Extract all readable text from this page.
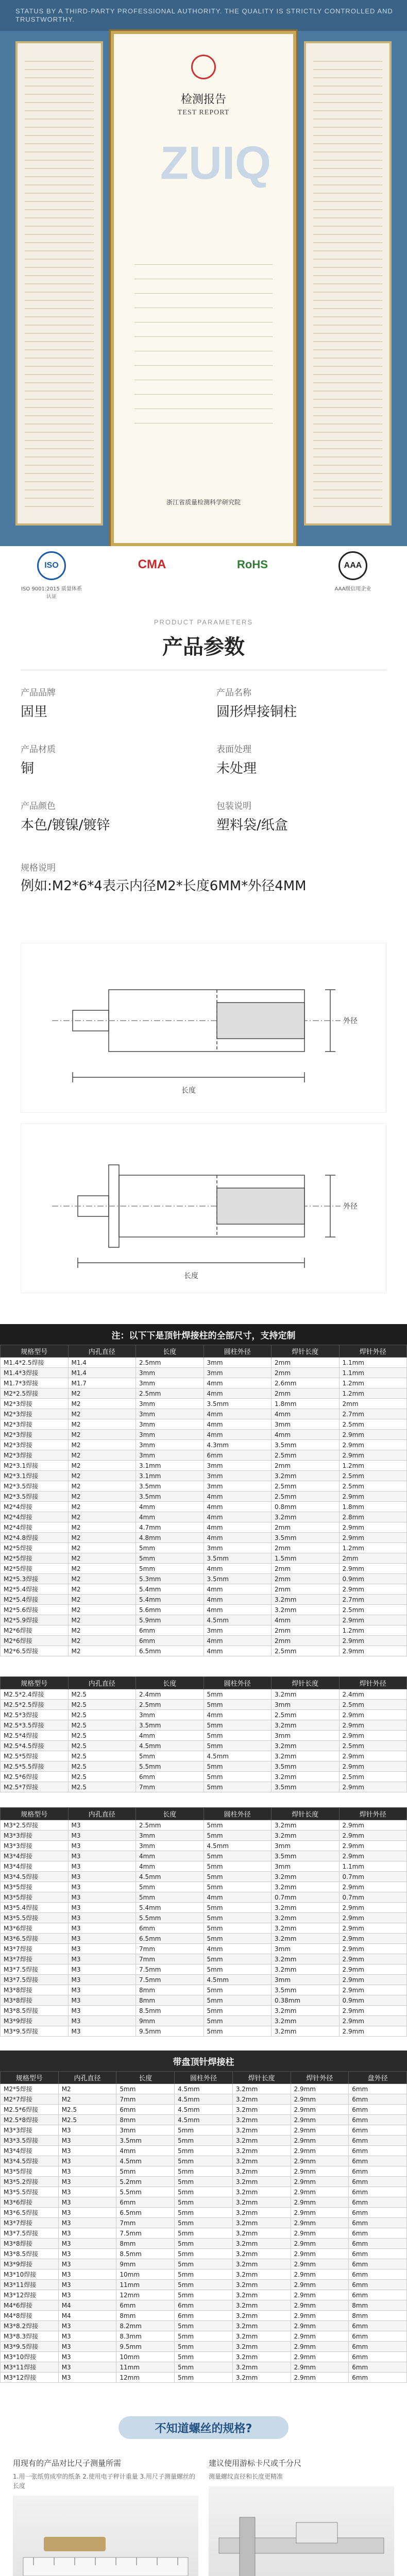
STATUS BY A THIRD-PARTY PROFESSIONAL AUTHORITY. THE QUALITY IS STRICTLY CONTROLLED AND TRUSTWORTHY.
检测报告
TEST REPORT
ZUIQ
浙江省质量检测科学研究院
ISO
ISO 9001:2015 质量体系认证
CMA	RoHS	AAA
AAA级信用企业
PRODUCT PARAMETERS
产品参数
产品品牌
固里
产品名称
圆形焊接铜柱
产品材质
铜
表面处理
未处理
产品颜色
本色/镀镍/镀锌
包装说明
塑料袋/纸盒
规格说明
例如:M2*6*4表示内径M2*长度6MM*外径4MM
长度
外径
长度
外径
注：以下下是顶针焊接柱的全部尺寸，支持定制
规格型号	内孔直径	长度	圆柱外径	焊针长度	焊针外径
M1.4*2.5焊接	M1.4	2.5mm	3mm	2mm	1.1mm
M1.4*3焊接	M1.4	3mm	3mm	2mm	1.1mm
M1.7*3焊接	M1.7	3mm	4mm	2.6mm	1.2mm
M2*2.5焊接	M2	2.5mm	4mm	2mm	1.2mm
M2*3焊接	M2	3mm	3.5mm	1.8mm	2mm
M2*3焊接	M2	3mm	4mm	4mm	2.7mm
M2*3焊接	M2	3mm	4mm	3mm	2.5mm
M2*3焊接	M2	3mm	4mm	4mm	2.9mm
M2*3焊接	M2	3mm	4.3mm	3.5mm	2.9mm
M2*3焊接	M2	3mm	6mm	2.5mm	2.9mm
M2*3.1焊接	M2	3.1mm	3mm	2mm	1.2mm
M2*3.1焊接	M2	3.1mm	3mm	3.2mm	2.5mm
M2*3.5焊接	M2	3.5mm	3mm	2.5mm	2.5mm
M2*3.5焊接	M2	3.5mm	4mm	2.5mm	2.9mm
M2*4焊接	M2	4mm	4mm	0.8mm	1.8mm
M2*4焊接	M2	4mm	4mm	3.2mm	2.8mm
M2*4焊接	M2	4.7mm	4mm	2mm	2.9mm
M2*4.8焊接	M2	4.8mm	4mm	3.5mm	2.9mm
M2*5焊接	M2	5mm	3mm	2mm	1.2mm
M2*5焊接	M2	5mm	3.5mm	1.5mm	2mm
M2*5焊接	M2	5mm	4mm	2mm	2.9mm
M2*5.3焊接	M2	5.3mm	3.5mm	2mm	0.9mm
M2*5.4焊接	M2	5.4mm	4mm	2mm	2.9mm
M2*5.4焊接	M2	5.4mm	4mm	3.2mm	2.7mm
M2*5.6焊接	M2	5.6mm	4mm	3.2mm	2.5mm
M2*5.9焊接	M2	5.9mm	4.5mm	4mm	2.9mm
M2*6焊接	M2	6mm	3mm	2mm	1.2mm
M2*6焊接	M2	6mm	4mm	2mm	2.9mm
M2*6.5焊接	M2	6.5mm	4mm	2.5mm	2.9mm
规格型号	内孔直径	长度	圆柱外径	焊针长度	焊针外径
M2.5*2.4焊接	M2.5	2.4mm	5mm	3.2mm	2.4mm
M2.5*2.5焊接	M2.5	2.5mm	5mm	3mm	2.5mm
M2.5*3焊接	M2.5	3mm	4mm	2.5mm	2.9mm
M2.5*3.5焊接	M2.5	3.5mm	5mm	3.2mm	2.9mm
M2.5*4焊接	M2.5	4mm	5mm	3mm	2.9mm
M2.5*4.5焊接	M2.5	4.5mm	5mm	3.2mm	2.5mm
M2.5*5焊接	M2.5	5mm	4.5mm	3.2mm	2.9mm
M2.5*5.5焊接	M2.5	5.5mm	5mm	3.5mm	2.9mm
M2.5*6焊接	M2.5	6mm	5mm	3.2mm	2.5mm
M2.5*7焊接	M2.5	7mm	5mm	3.5mm	2.9mm
规格型号	内孔直径	长度	圆柱外径	焊针长度	焊针外径
M3*2.5焊接	M3	2.5mm	5mm	3.2mm	2.9mm
M3*3焊接	M3	3mm	5mm	3.2mm	2.9mm
M3*3焊接	M3	3mm	4.5mm	3mm	2.9mm
M3*4焊接	M3	4mm	5mm	3.5mm	2.9mm
M3*4焊接	M3	4mm	5mm	3mm	1.1mm
M3*4.5焊接	M3	4.5mm	5mm	3.2mm	0.7mm
M3*5焊接	M3	5mm	5mm	3.2mm	2.9mm
M3*5焊接	M3	5mm	4mm	0.7mm	0.7mm
M3*5.4焊接	M3	5.4mm	5mm	3.2mm	2.9mm
M3*5.5焊接	M3	5.5mm	5mm	3.2mm	2.9mm
M3*6焊接	M3	6mm	5mm	3.2mm	2.9mm
M3*6.5焊接	M3	6.5mm	5mm	3.2mm	2.9mm
M3*7焊接	M3	7mm	4mm	3mm	2.9mm
M3*7焊接	M3	7mm	5mm	3.2mm	2.9mm
M3*7.5焊接	M3	7.5mm	5mm	3.2mm	2.9mm
M3*7.5焊接	M3	7.5mm	4.5mm	3mm	2.9mm
M3*8焊接	M3	8mm	5mm	3.5mm	2.9mm
M3*8焊接	M3	8mm	5mm	0.38mm	0.9mm
M3*8.5焊接	M3	8.5mm	5mm	3.2mm	2.9mm
M3*9焊接	M3	9mm	5mm	3.2mm	2.9mm
M3*9.5焊接	M3	9.5mm	5mm	3.2mm	2.9mm
带盘顶针焊接柱
规格型号	内孔直径	长度	圆柱外径	焊针长度	焊针外径	盘外径
M2*5焊接	M2	5mm	4.5mm	3.2mm	2.9mm	6mm
M2*7焊接	M2	7mm	4.5mm	3.2mm	2.9mm	6mm
M2.5*6焊接	M2.5	6mm	4.5mm	3.2mm	2.9mm	6mm
M2.5*8焊接	M2.5	8mm	4.5mm	3.2mm	2.9mm	6mm
M3*3焊接	M3	3mm	5mm	3.2mm	2.9mm	6mm
M3*3.5焊接	M3	3.5mm	5mm	3.2mm	2.9mm	6mm
M3*4焊接	M3	4mm	5mm	3.2mm	2.9mm	6mm
M3*4.5焊接	M3	4.5mm	5mm	3.2mm	2.9mm	6mm
M3*5焊接	M3	5mm	5mm	3.2mm	2.9mm	6mm
M3*5.2焊接	M3	5.2mm	5mm	3.2mm	2.9mm	6mm
M3*5.5焊接	M3	5.5mm	5mm	3.2mm	2.9mm	6mm
M3*6焊接	M3	6mm	5mm	3.2mm	2.9mm	6mm
M3*6.5焊接	M3	6.5mm	5mm	3.2mm	2.9mm	6mm
M3*7焊接	M3	7mm	5mm	3.2mm	2.9mm	6mm
M3*7.5焊接	M3	7.5mm	5mm	3.2mm	2.9mm	6mm
M3*8焊接	M3	8mm	5mm	3.2mm	2.9mm	6mm
M3*8.5焊接	M3	8.5mm	5mm	3.2mm	2.9mm	6mm
M3*9焊接	M3	9mm	5mm	3.2mm	2.9mm	6mm
M3*10焊接	M3	10mm	5mm	3.2mm	2.9mm	6mm
M3*11焊接	M3	11mm	5mm	3.2mm	2.9mm	6mm
M3*12焊接	M3	12mm	5mm	3.2mm	2.9mm	6mm
M4*6焊接	M4	6mm	6mm	3.2mm	2.9mm	8mm
M4*8焊接	M4	8mm	6mm	3.2mm	2.9mm	8mm
M3*8.2焊接	M3	8.2mm	5mm	3.2mm	2.9mm	6mm
M3*8.3焊接	M3	8.3mm	5mm	3.2mm	2.9mm	6mm
M3*9.5焊接	M3	9.5mm	5mm	3.2mm	2.9mm	6mm
M3*10焊接	M3	10mm	5mm	3.2mm	2.9mm	6mm
M3*11焊接	M3	11mm	5mm	3.2mm	2.9mm	6mm
M3*12焊接	M3	12mm	5mm	3.2mm	2.9mm	6mm
不知道螺丝的规格?
用现有的产品对比尺子测量所需
1.用一张纸剪成窄的纸条 2.使用电子秤计重量 3.用尺子测量螺丝的长度
建议使用游标卡尺或千分尺
测量螺纹直径和长度更精准
